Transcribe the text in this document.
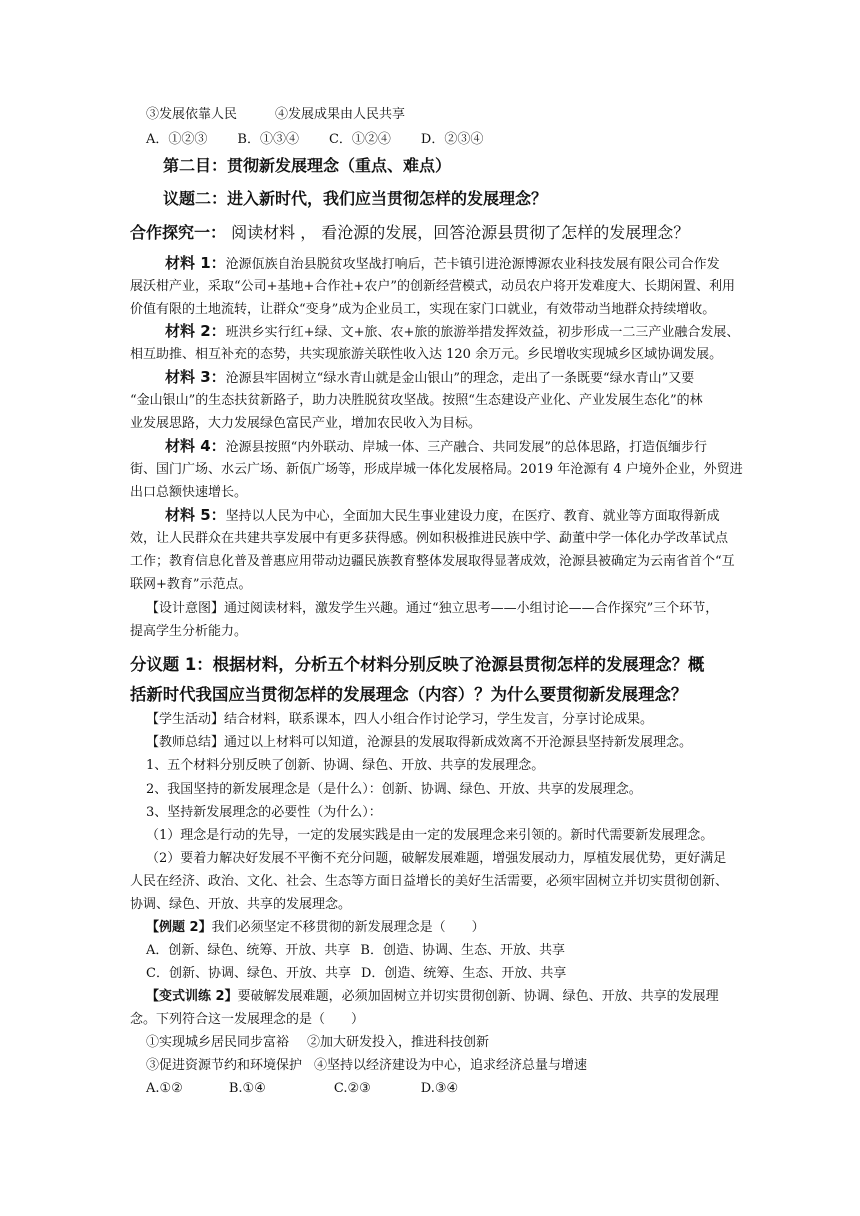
③发展依靠人民	④发展成果由人民共享
A．①②③ B．①③④ C．①②④ D．②③④
第二目：贯彻新发展理念（重点、难点）
议题二：进入新时代，我们应当贯彻怎样的发展理念？
合作探究一： 阅读材料 ， 看沧源的发展，回答沧源县贯彻了怎样的发展理念？
材料 1：沧源佤族自治县脱贫攻坚战打响后，芒卡镇引进沧源博源农业科技发展有限公司合作发
展沃柑产业，采取“公司+基地+合作社+农户”的创新经营模式，动员农户将开发难度大、长期闲置、利用
价值有限的土地流转，让群众“变身”成为企业员工，实现在家门口就业，有效带动当地群众持续增收。
材料 2：班洪乡实行红+绿、文+旅、农+旅的旅游举措发挥效益，初步形成一二三产业融合发展、
相互助推、相互补充的态势，共实现旅游关联性收入达 120 余万元。乡民增收实现城乡区域协调发展。
材料 3：沧源县牢固树立“绿水青山就是金山银山”的理念，走出了一条既要“绿水青山”又要
“金山银山”的生态扶贫新路子，助力决胜脱贫攻坚战。按照“生态建设产业化、产业发展生态化”的林
业发展思路，大力发展绿色富民产业，增加农民收入为目标。
材料 4：沧源县按照“内外联动、岸城一体、三产融合、共同发展”的总体思路，打造佤缅步行
街、国门广场、水云广场、新佤广场等，形成岸城一体化发展格局。2019 年沧源有 4 户境外企业，外贸进
出口总额快速增长。
材料 5：坚持以人民为中心，全面加大民生事业建设力度，在医疗、教育、就业等方面取得新成
效，让人民群众在共建共享发展中有更多获得感。例如积极推进民族中学、勐董中学一体化办学改革试点
工作；教育信息化普及普惠应用带动边疆民族教育整体发展取得显著成效，沧源县被确定为云南省首个“互
联网+教育”示范点。
【设计意图】通过阅读材料，激发学生兴趣。通过“独立思考——小组讨论——合作探究”三个环节，
提高学生分析能力。
分议题 1：根据材料，分析五个材料分别反映了沧源县贯彻怎样的发展理念？概
括新时代我国应当贯彻怎样的发展理念（内容）？为什么要贯彻新发展理念？
【学生活动】结合材料，联系课本，四人小组合作讨论学习，学生发言，分享讨论成果。
【教师总结】通过以上材料可以知道，沧源县的发展取得新成效离不开沧源县坚持新发展理念。
1、五个材料分别反映了创新、协调、绿色、开放、共享的发展理念。
2、我国坚持的新发展理念是（是什么）：创新、协调、绿色、开放、共享的发展理念。
3、坚持新发展理念的必要性（为什么）：
（1）理念是行动的先导，一定的发展实践是由一定的发展理念来引领的。新时代需要新发展理念。
（2）要着力解决好发展不平衡不充分问题，破解发展难题，增强发展动力，厚植发展优势，更好满足
人民在经济、政治、文化、社会、生态等方面日益增长的美好生活需要，必须牢固树立并切实贯彻创新、
协调、绿色、开放、共享的发展理念。
【例题 2】我们必须坚定不移贯彻的新发展理念是（　　）
A．创新、绿色、统筹、开放、共享 B．创造、协调、生态、开放、共享
C．创新、协调、绿色、开放、共享 D．创造、统筹、生态、开放、共享
【变式训练 2】要破解发展难题，必须加固树立并切实贯彻创新、协调、绿色、开放、共享的发展理
念。下列符合这一发展理念的是（　　）
①实现城乡居民同步富裕 ②加大研发投入，推进科技创新
③促进资源节约和环境保护 ④坚持以经济建设为中心，追求经济总量与增速
A.①②	B.①④	C.②③	D.③④
